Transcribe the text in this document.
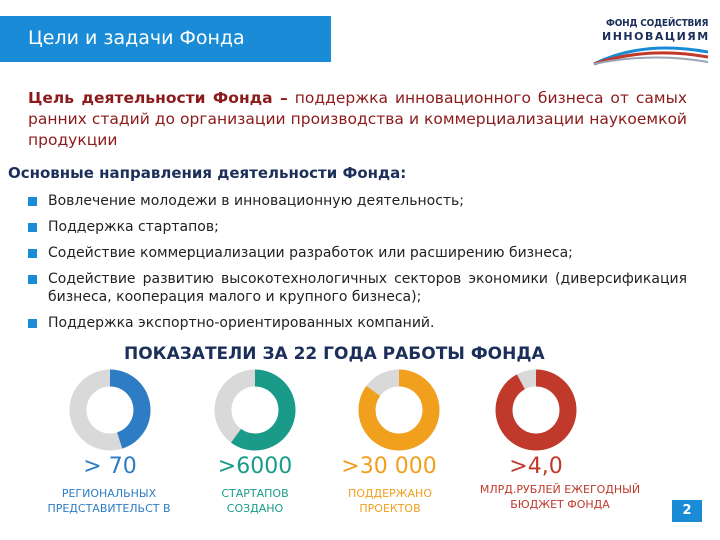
Цели и задачи Фонда
ФОНД СОДЕЙСТВИЯ
ИННОВАЦИЯМ
Цель деятельности Фонда – поддержка инновационного бизнеса от самых ранних стадий до организации производства и коммерциализации наукоемкой продукции
Основные направления деятельности Фонда:
Вовлечение молодежи в инновационную деятельность;
Поддержка стартапов;
Содействие коммерциализации разработок или расширению бизнеса;
Содействие развитию высокотехнологичных секторов экономики (диверсификация бизнеса, кооперация малого и крупного бизнеса);
Поддержка экспортно-ориентированных компаний.
ПОКАЗАТЕЛИ ЗА 22 ГОДА РАБОТЫ ФОНДА
> 70
РЕГИОНАЛЬНЫХ ПРЕДСТАВИТЕЛЬСТ В
>6000
СТАРТАПОВ СОЗДАНО
>30 000
ПОДДЕРЖАНО ПРОЕКТОВ
>4,0
МЛРД.РУБЛЕЙ ЕЖЕГОДНЫЙ БЮДЖЕТ ФОНДА	2
